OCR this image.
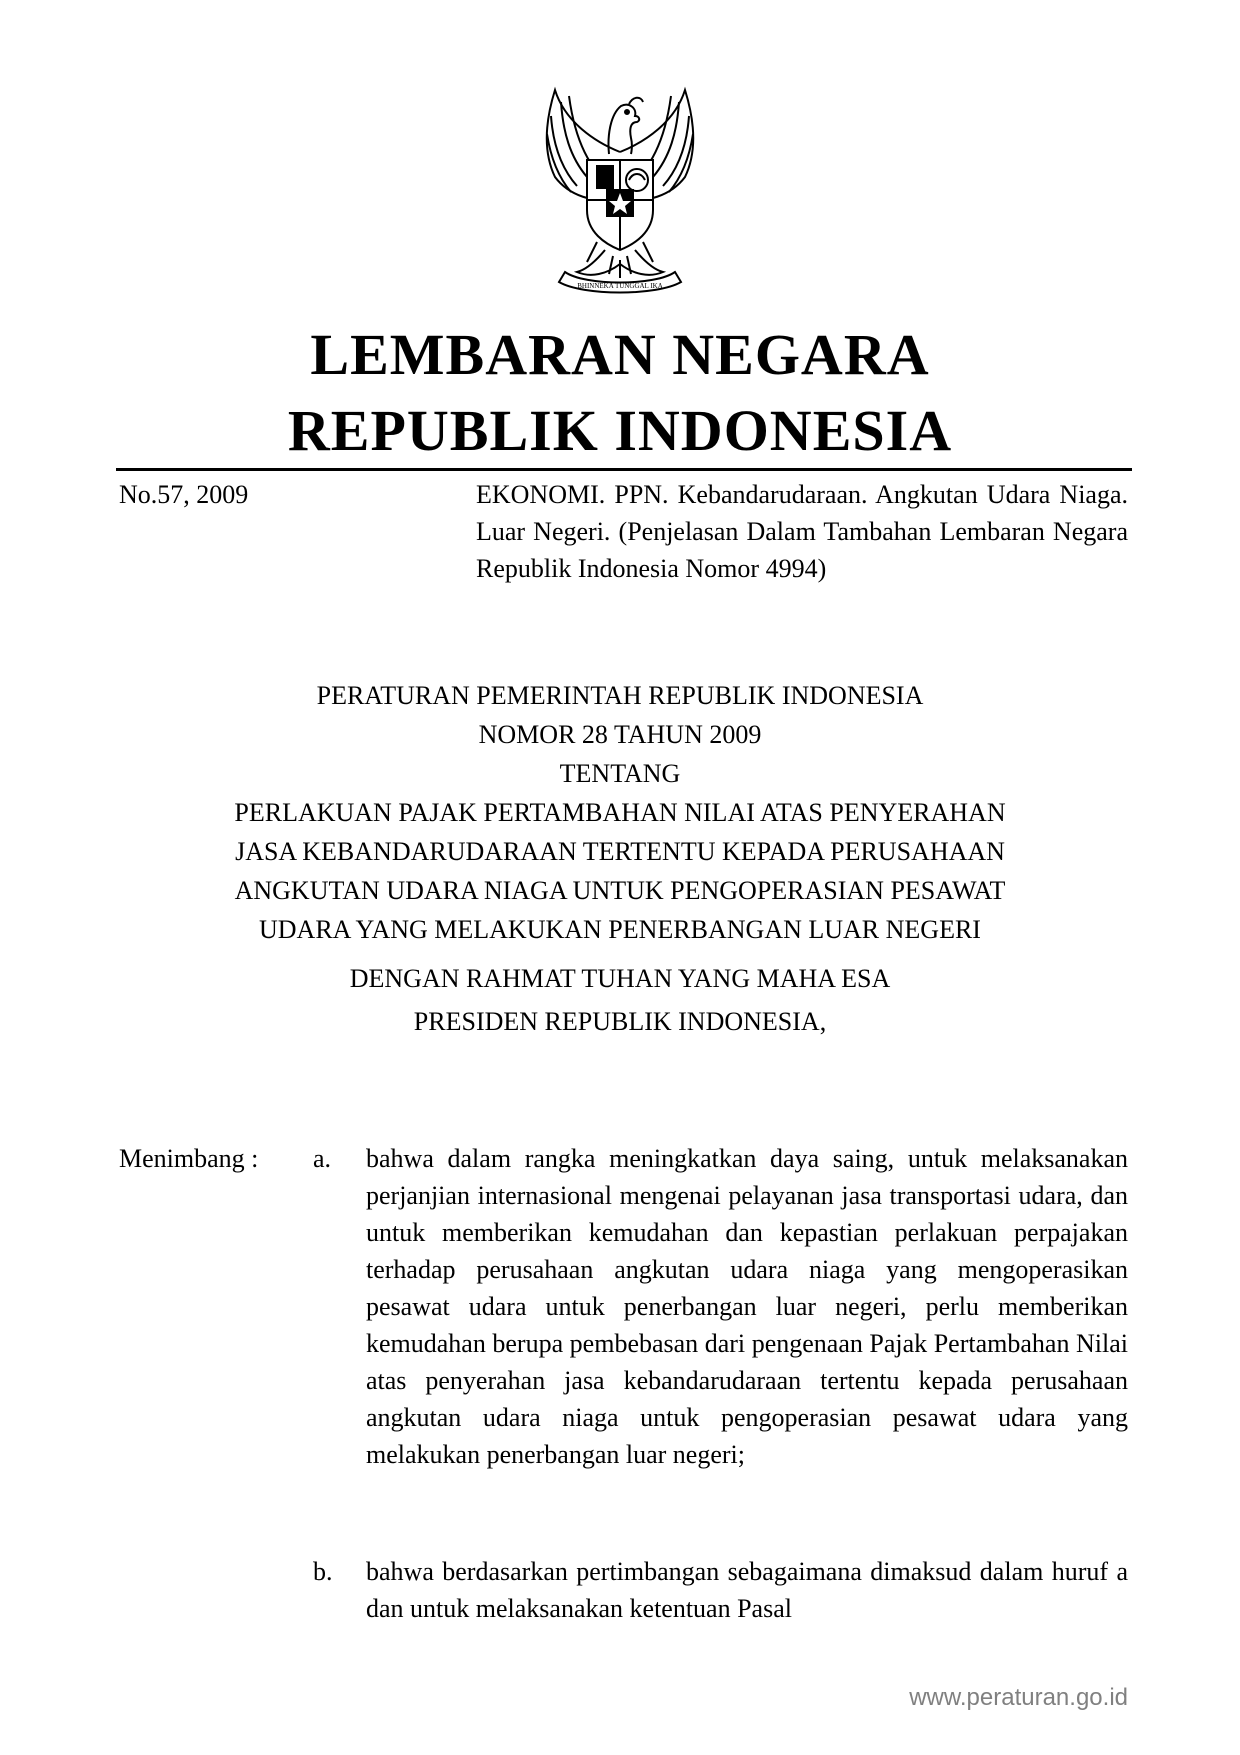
BHINNEKA TUNGGAL IKA
LEMBARAN NEGARA
REPUBLIK INDONESIA
No.57, 2009	EKONOMI. PPN. Kebandarudaraan. Angkutan Udara Niaga. Luar Negeri. (Penjelasan Dalam Tambahan Lembaran Negara Republik Indonesia Nomor 4994)
PERATURAN PEMERINTAH REPUBLIK INDONESIA
NOMOR 28 TAHUN 2009
TENTANG
PERLAKUAN PAJAK PERTAMBAHAN NILAI ATAS PENYERAHAN
JASA KEBANDARUDARAAN TERTENTU KEPADA PERUSAHAAN
ANGKUTAN UDARA NIAGA UNTUK PENGOPERASIAN PESAWAT
UDARA YANG MELAKUKAN PENERBANGAN LUAR NEGERI
DENGAN RAHMAT TUHAN YANG MAHA ESA
PRESIDEN REPUBLIK INDONESIA,
Menimbang : a. bahwa dalam rangka meningkatkan daya saing, untuk melaksanakan perjanjian internasional mengenai pelayanan jasa transportasi udara, dan untuk memberikan kemudahan dan kepastian perlakuan perpajakan terhadap perusahaan angkutan udara niaga yang mengoperasikan pesawat udara untuk penerbangan luar negeri, perlu memberikan kemudahan berupa pembebasan dari pengenaan Pajak Pertambahan Nilai atas penyerahan jasa kebandarudaraan tertentu kepada perusahaan angkutan udara niaga untuk pengoperasian pesawat udara yang melakukan penerbangan luar negeri;
b. bahwa berdasarkan pertimbangan sebagaimana dimaksud dalam huruf a dan untuk melaksanakan ketentuan Pasal
www.peraturan.go.id
